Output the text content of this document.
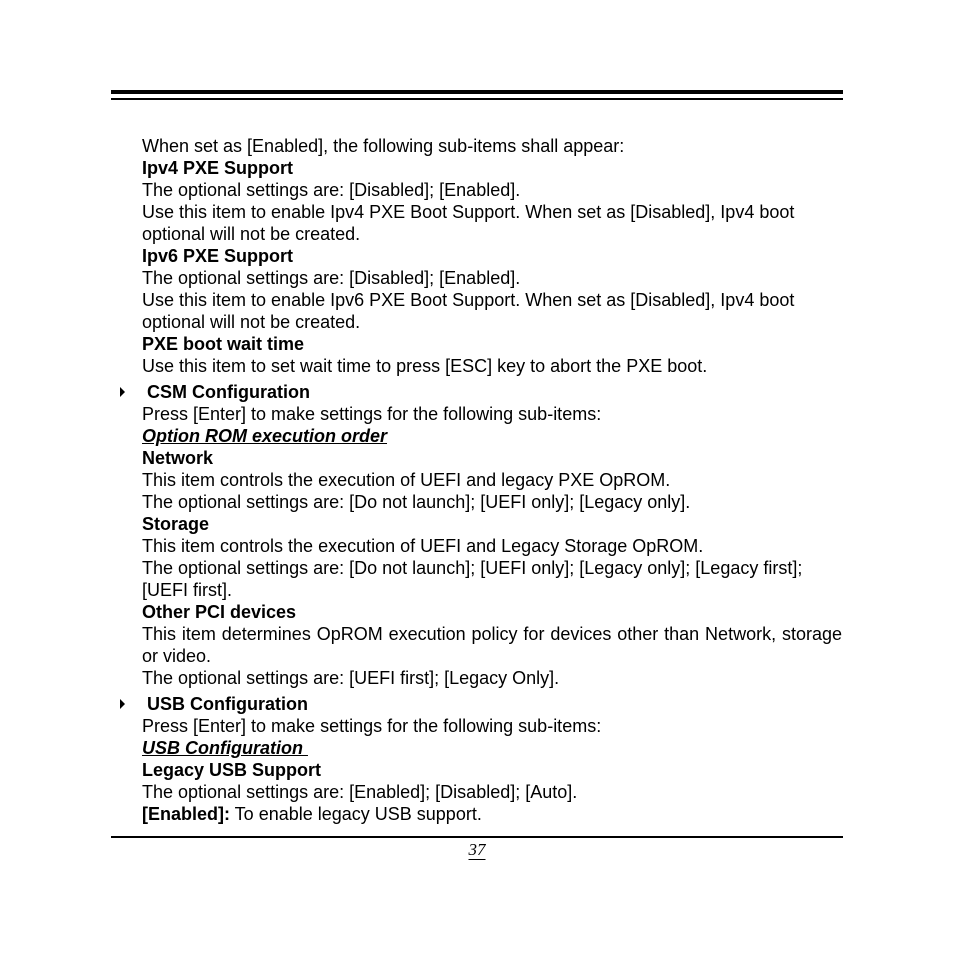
When set as [Enabled], the following sub-items shall appear:
Ipv4 PXE Support
The optional settings are: [Disabled]; [Enabled].
Use this item to enable Ipv4 PXE Boot Support. When set as [Disabled], Ipv4 boot optional will not be created.
Ipv6 PXE Support
The optional settings are: [Disabled]; [Enabled].
Use this item to enable Ipv6 PXE Boot Support. When set as [Disabled], Ipv4 boot optional will not be created.
PXE boot wait time
Use this item to set wait time to press [ESC] key to abort the PXE boot.
CSM Configuration
Press [Enter] to make settings for the following sub-items:
Option ROM execution order
Network
This item controls the execution of UEFI and legacy PXE OpROM.
The optional settings are: [Do not launch]; [UEFI only]; [Legacy only].
Storage
This item controls the execution of UEFI and Legacy Storage OpROM.
The optional settings are: [Do not launch]; [UEFI only]; [Legacy only]; [Legacy first]; [UEFI first].
Other PCI devices
This item determines OpROM execution policy for devices other than Network, storage or video.
The optional settings are: [UEFI first]; [Legacy Only].
USB Configuration
Press [Enter] to make settings for the following sub-items:
USB Configuration
Legacy USB Support
The optional settings are: [Enabled]; [Disabled]; [Auto].
[Enabled]: To enable legacy USB support.
37
